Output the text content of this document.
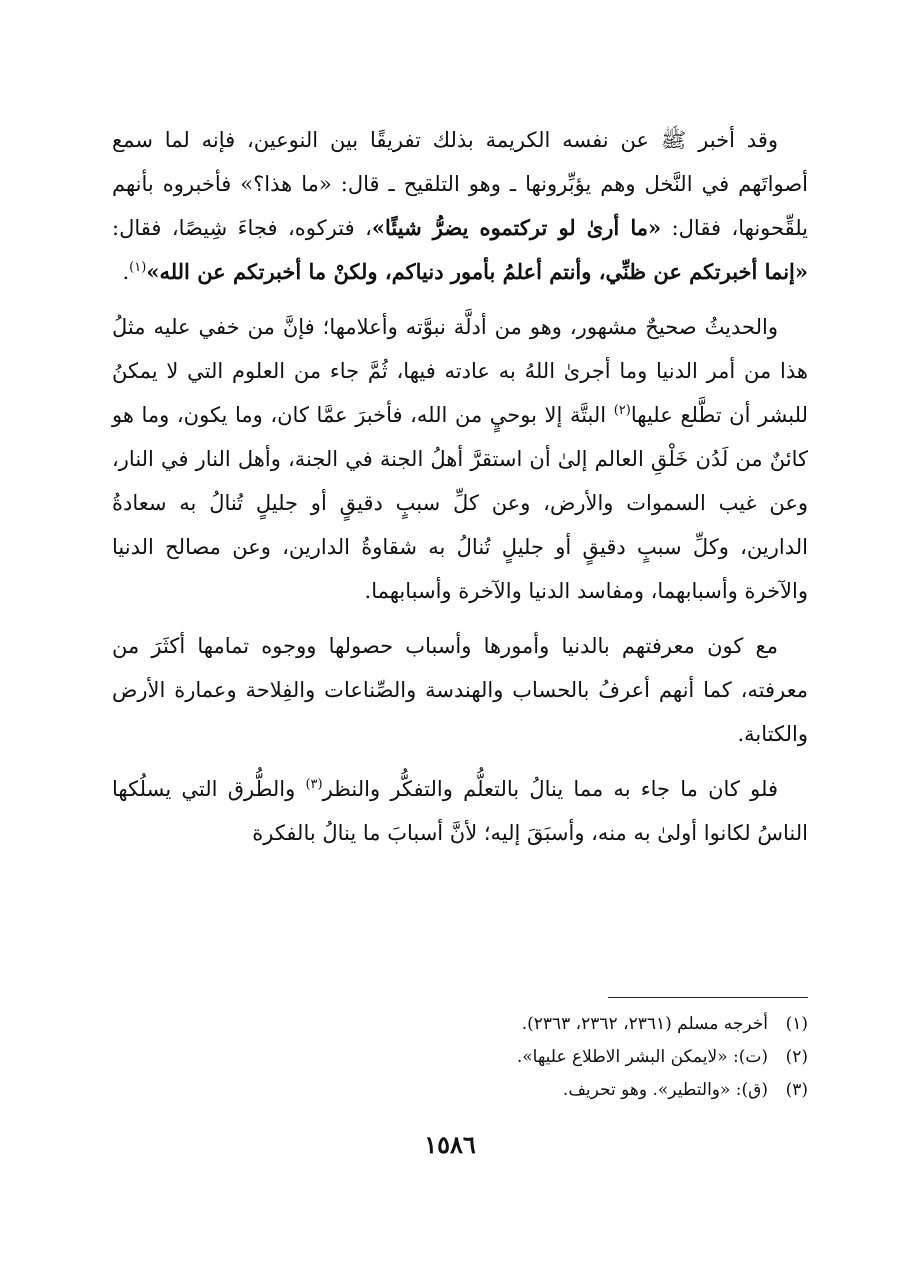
وقد أخبر ﷺ عن نفسه الكريمة بذلك تفريقًا بين النوعين، فإنه لما سمع أصواتَهم في النَّخل وهم يؤبِّرونها ـ وهو التلقيح ـ قال: «ما هذا؟» فأخبروه بأنهم يلقِّحونها، فقال: «ما أرىٰ لو تركتموه يضرُّ شيئًا»، فتركوه، فجاءَ شِيصًا، فقال: «إنما أخبرتكم عن ظنِّي، وأنتم أعلمُ بأمور دنياكم، ولكنْ ما أخبرتكم عن الله»$^{(١)}$.

والحديثُ صحيحٌ مشهور، وهو من أدلَّة نبوَّته وأعلامها؛ فإنَّ من خفي عليه مثلُ هذا من أمر الدنيا وما أجرىٰ اللهُ به عادته فيها، ثُمَّ جاء من العلوم التي لا يمكنُ للبشر أن تطَّلع عليها$^{(٢)}$ البتَّة إلا بوحيٍ من الله، فأخبرَ عمَّا كان، وما يكون، وما هو كائنٌ من لَدُن خَلْقِ العالم إلىٰ أن استقرَّ أهلُ الجنة في الجنة، وأهل النار في النار، وعن غيب السموات والأرض، وعن كلِّ سببٍ دقيقٍ أو جليلٍ تُنالُ به سعادةُ الدارين، وكلِّ سببٍ دقيقٍ أو جليلٍ تُنالُ به شقاوةُ الدارين، وعن مصالح الدنيا والآخرة وأسبابهما، ومفاسد الدنيا والآخرة وأسبابهما.

مع كون معرفتهم بالدنيا وأمورها وأسباب حصولها ووجوه تمامها أكثَرَ من معرفته، كما أنهم أعرفُ بالحساب والهندسة والصِّناعات والفِلاحة وعمارة الأرض والكتابة.

فلو كان ما جاء به مما ينالُ بالتعلُّم والتفكُّر والنظر$^{(٣)}$ والطُّرق التي يسلُكها الناسُ لكانوا أولىٰ به منه، وأسبَقَ إليه؛ لأنَّ أسبابَ ما ينالُ بالفكرة

(١)أخرجه مسلم (٢٣٦١، ٢٣٦٢، ٢٣٦٣).

(٢)(ت): «لايمكن البشر الاطلاع عليها».

(٣)(ق): «والتطير». وهو تحريف.

١٥٨٦
